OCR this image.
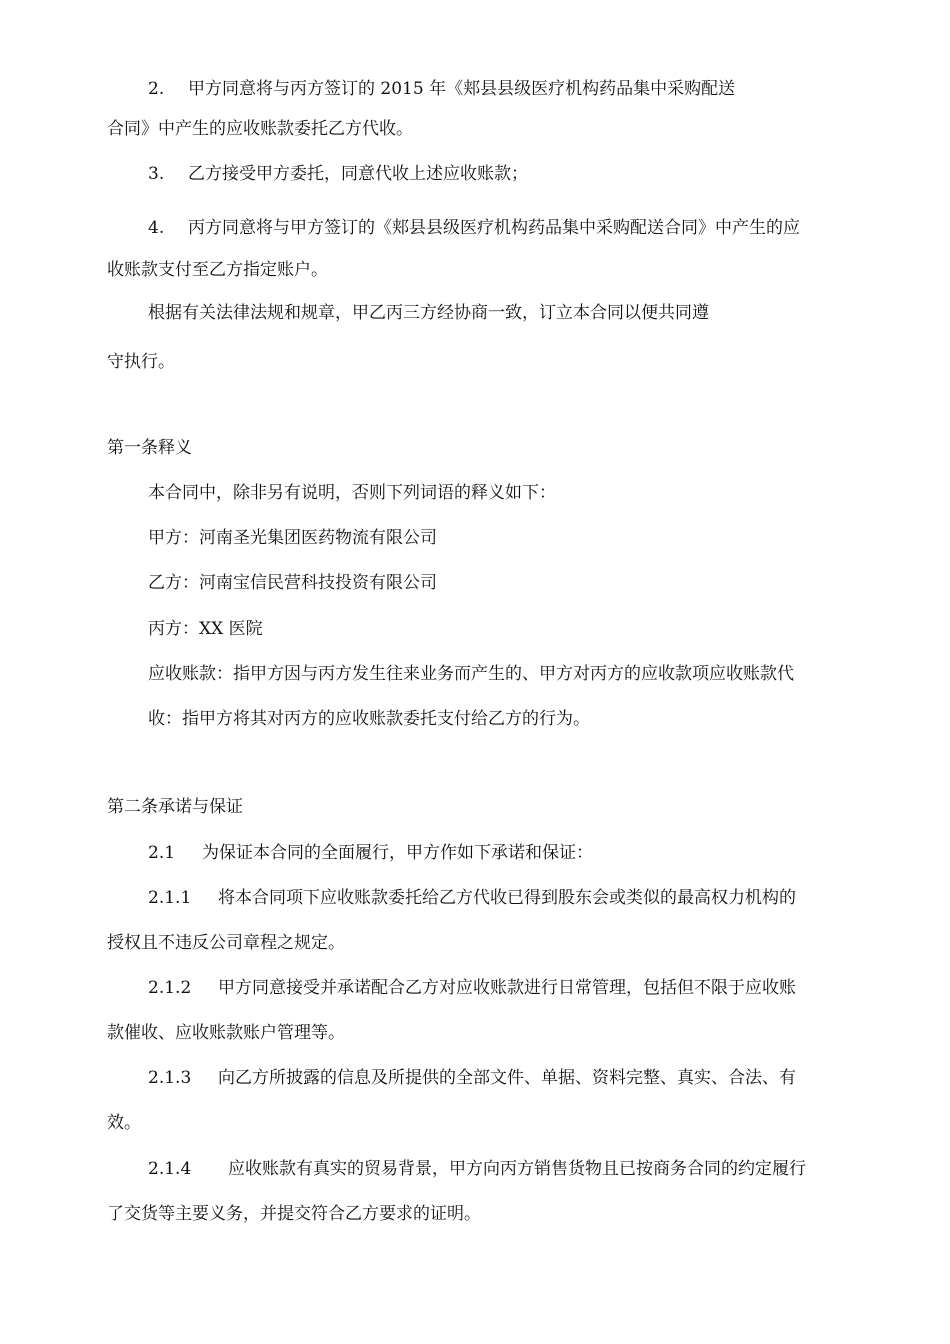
2. 甲方同意将与丙方签订的 2015 年《郏县县级医疗机构药品集中采购配送
合同》中产生的应收账款委托乙方代收。
3. 乙方接受甲方委托，同意代收上述应收账款；
4. 丙方同意将与甲方签订的《郏县县级医疗机构药品集中采购配送合同》中产生的应
收账款支付至乙方指定账户。
根据有关法律法规和规章，甲乙丙三方经协商一致，订立本合同以便共同遵
守执行。
第一条释义
本合同中，除非另有说明，否则下列词语的释义如下：
甲方：河南圣光集团医药物流有限公司
乙方：河南宝信民营科技投资有限公司
丙方：XX 医院
应收账款：指甲方因与丙方发生往来业务而产生的、甲方对丙方的应收款项应收账款代
收：指甲方将其对丙方的应收账款委托支付给乙方的行为。
第二条承诺与保证
2.1 为保证本合同的全面履行，甲方作如下承诺和保证：
2.1.1 将本合同项下应收账款委托给乙方代收已得到股东会或类似的最高权力机构的
授权且不违反公司章程之规定。
2.1.2 甲方同意接受并承诺配合乙方对应收账款进行日常管理，包括但不限于应收账
款催收、应收账款账户管理等。
2.1.3 向乙方所披露的信息及所提供的全部文件、单据、资料完整、真实、合法、有
效。
2.1.4 应收账款有真实的贸易背景，甲方向丙方销售货物且已按商务合同的约定履行
了交货等主要义务，并提交符合乙方要求的证明。
